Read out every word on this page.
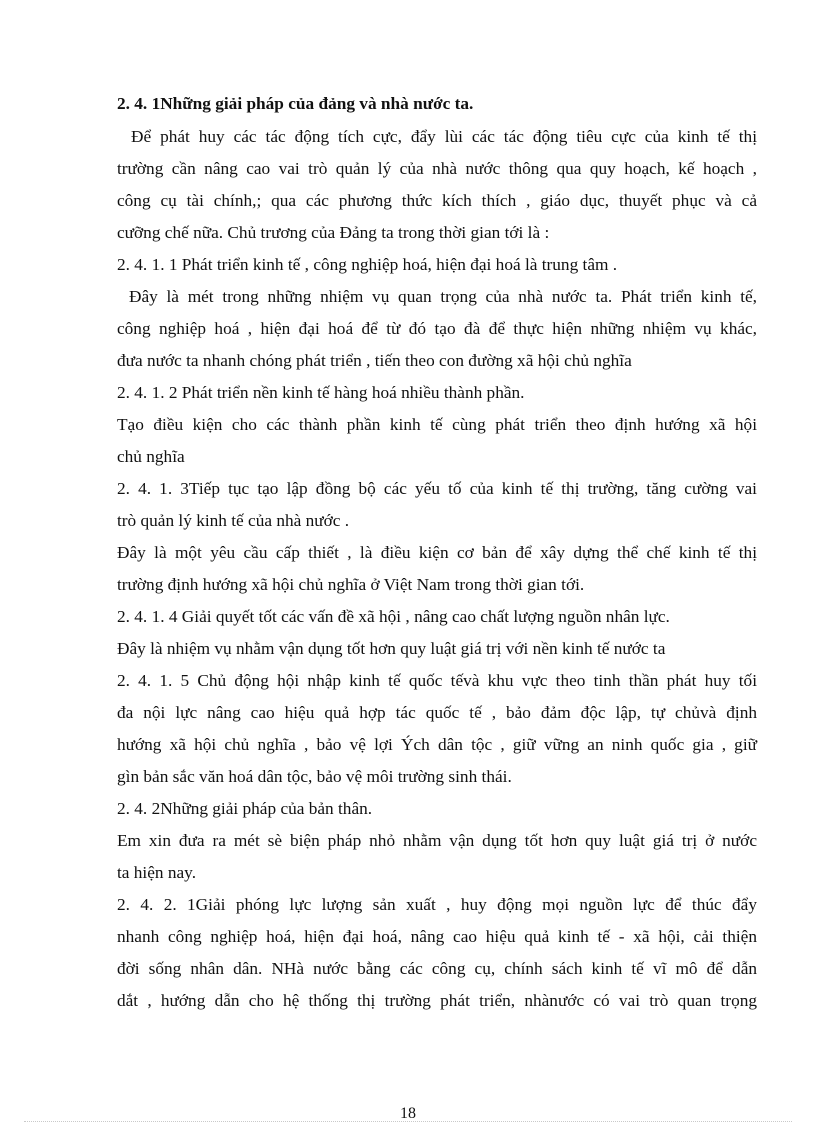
2. 4. 1Những giải pháp của đảng và nhà nước ta.
Để phát huy các tác động tích cực, đẩy lùi các tác động tiêu cực của kinh tế thị
trường cần nâng cao vai trò quản lý của nhà nước thông qua quy hoạch, kế hoạch ,
công cụ tài chính,; qua các phương thức kích thích , giáo dục, thuyết phục và cả
cưỡng chế nữa. Chủ trương của Đảng ta trong thời gian tới là :
2. 4. 1. 1 Phát triển kinh tế , công nghiệp hoá, hiện đại hoá là trung tâm .
Đây là mét trong những nhiệm vụ quan trọng của nhà nước ta. Phát triển kinh tế,
công nghiệp hoá , hiện đại hoá để từ đó tạo đà để thực hiện những nhiệm vụ khác,
đưa nước ta nhanh chóng phát triển , tiến theo con đường xã hội chủ nghĩa
2. 4. 1. 2 Phát triển nền kinh tế hàng hoá nhiều thành phần.
Tạo điều kiện cho các thành phần kinh tế cùng phát triển theo định hướng xã hội
chủ nghĩa
2. 4. 1. 3Tiếp tục tạo lập đồng bộ các yếu tố của kinh tế thị trường, tăng cường vai
trò quản lý kinh tế của nhà nước .
Đây là một yêu cầu cấp thiết , là điều kiện cơ bản để xây dựng thể chế kinh tế thị
trường định hướng xã hội chủ nghĩa ở Việt Nam trong thời gian tới.
2. 4. 1. 4 Giải quyết tốt các vấn đề xã hội , nâng cao chất lượng nguồn nhân lực.
Đây là nhiệm vụ nhằm vận dụng tốt hơn quy luật giá trị với nền kinh tế nước ta
2. 4. 1. 5 Chủ động hội nhập kinh tế quốc tếvà khu vực theo tinh thần phát huy tối
đa nội lực nâng cao hiệu quả hợp tác quốc tế , bảo đảm độc lập, tự chủvà định
hướng xã hội chủ nghĩa , bảo vệ lợi Ých dân tộc , giữ vững an ninh quốc gia , giữ
gìn bản sắc văn hoá dân tộc, bảo vệ môi trường sinh thái.
2. 4. 2Những giải pháp của bản thân.
Em xin đưa ra mét sè biện pháp nhỏ nhằm vận dụng tốt hơn quy luật giá trị ở nước
ta hiện nay.
2. 4. 2. 1Giải phóng lực lượng sản xuất , huy động mọi nguồn lực để thúc đẩy
nhanh công nghiệp hoá, hiện đại hoá, nâng cao hiệu quả kinh tế - xã hội, cải thiện
đời sống nhân dân. NHà nước bằng các công cụ, chính sách kinh tế vĩ mô để dẫn
dắt , hướng dẫn cho hệ thống thị trường phát triển, nhànước có vai trò quan trọng
18
